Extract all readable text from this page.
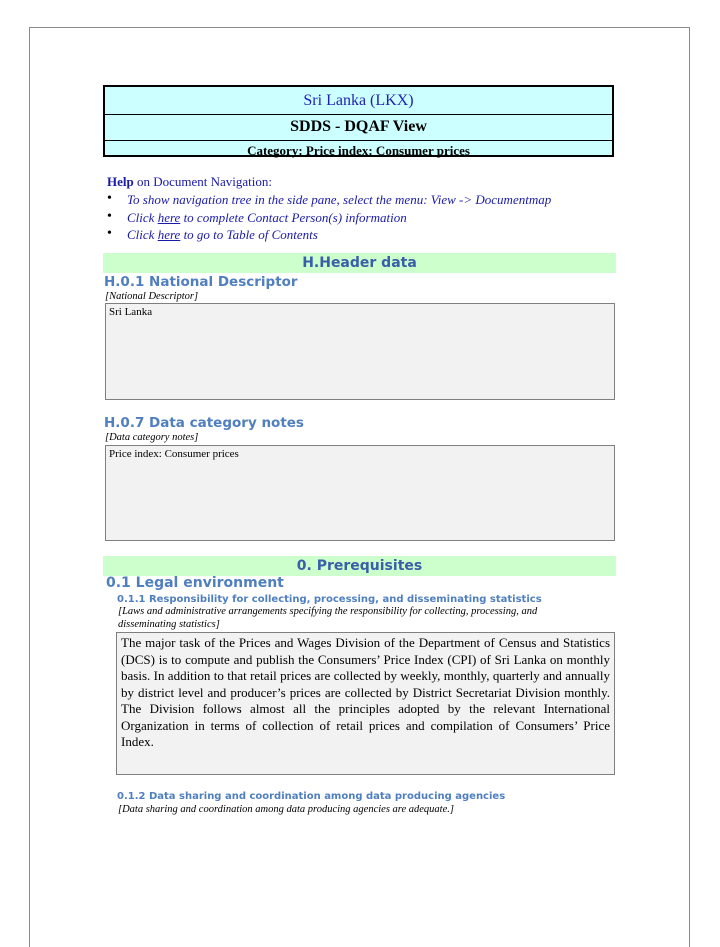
Sri Lanka (LKX)
SDDS - DQAF View
Category: Price index: Consumer prices
Help on Document Navigation:
• To show navigation tree in the side pane, select the menu: View -> Documentmap
• Click here to complete Contact Person(s) information
• Click here to go to Table of Contents
H.Header data
H.0.1 National Descriptor
[National Descriptor]
Sri Lanka
H.0.7 Data category notes
[Data category notes]
Price index: Consumer prices
0. Prerequisites
0.1 Legal environment
0.1.1 Responsibility for collecting, processing, and disseminating statistics
[Laws and administrative arrangements specifying the responsibility for collecting, processing, and
disseminating statistics]
The major task of the Prices and Wages Division of the Department of Census and Statistics (DCS) is to compute and publish the Consumers’ Price Index (CPI) of Sri Lanka on monthly basis. In addition to that retail prices are collected by weekly, monthly, quarterly and annually by district level and producer’s prices are collected by District Secretariat Division monthly. The Division follows almost all the principles adopted by the relevant International Organization in terms of collection of retail prices and compilation of Consumers’ Price Index.
0.1.2 Data sharing and coordination among data producing agencies
[Data sharing and coordination among data producing agencies are adequate.]
